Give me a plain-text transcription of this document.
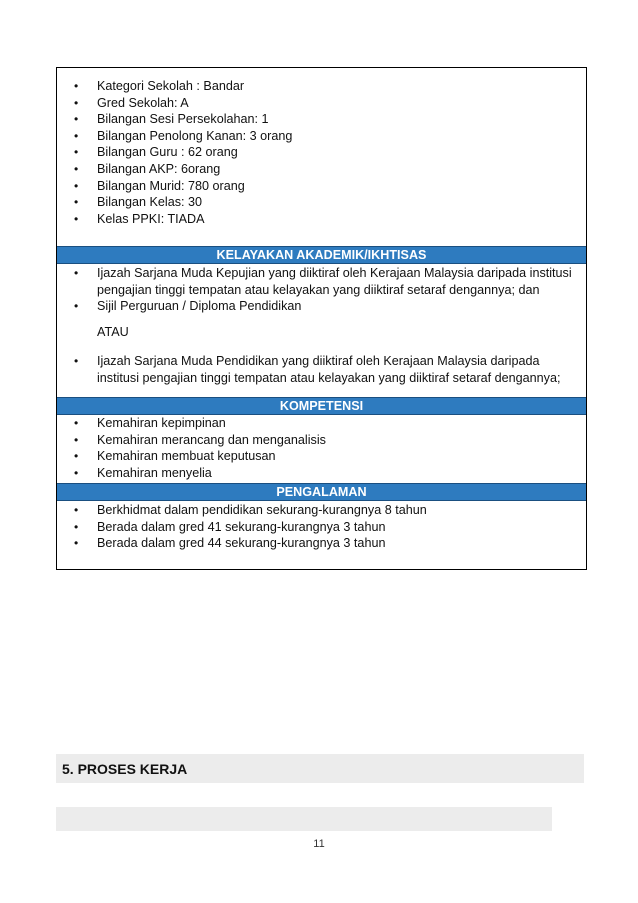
• Kategori Sekolah : Bandar
• Gred Sekolah: A
• Bilangan Sesi Persekolahan: 1
• Bilangan Penolong Kanan: 3 orang
• Bilangan Guru : 62 orang
• Bilangan AKP: 6orang
• Bilangan Murid: 780 orang
• Bilangan Kelas: 30
• Kelas PPKI: TIADA
KELAYAKAN AKADEMIK/IKHTISAS
• Ijazah Sarjana Muda Kepujian yang diiktiraf oleh Kerajaan Malaysia daripada institusi pengajian tinggi tempatan atau kelayakan yang diiktiraf setaraf dengannya; dan
• Sijil Perguruan / Diploma Pendidikan
ATAU
• Ijazah Sarjana Muda Pendidikan yang diiktiraf oleh Kerajaan Malaysia daripada institusi pengajian tinggi tempatan atau kelayakan yang diiktiraf setaraf dengannya;
KOMPETENSI
• Kemahiran kepimpinan
• Kemahiran merancang dan menganalisis
• Kemahiran membuat keputusan
• Kemahiran menyelia
PENGALAMAN
• Berkhidmat dalam pendidikan sekurang-kurangnya 8 tahun
• Berada dalam gred 41 sekurang-kurangnya 3 tahun
• Berada dalam gred 44 sekurang-kurangnya 3 tahun
5. PROSES KERJA
11
